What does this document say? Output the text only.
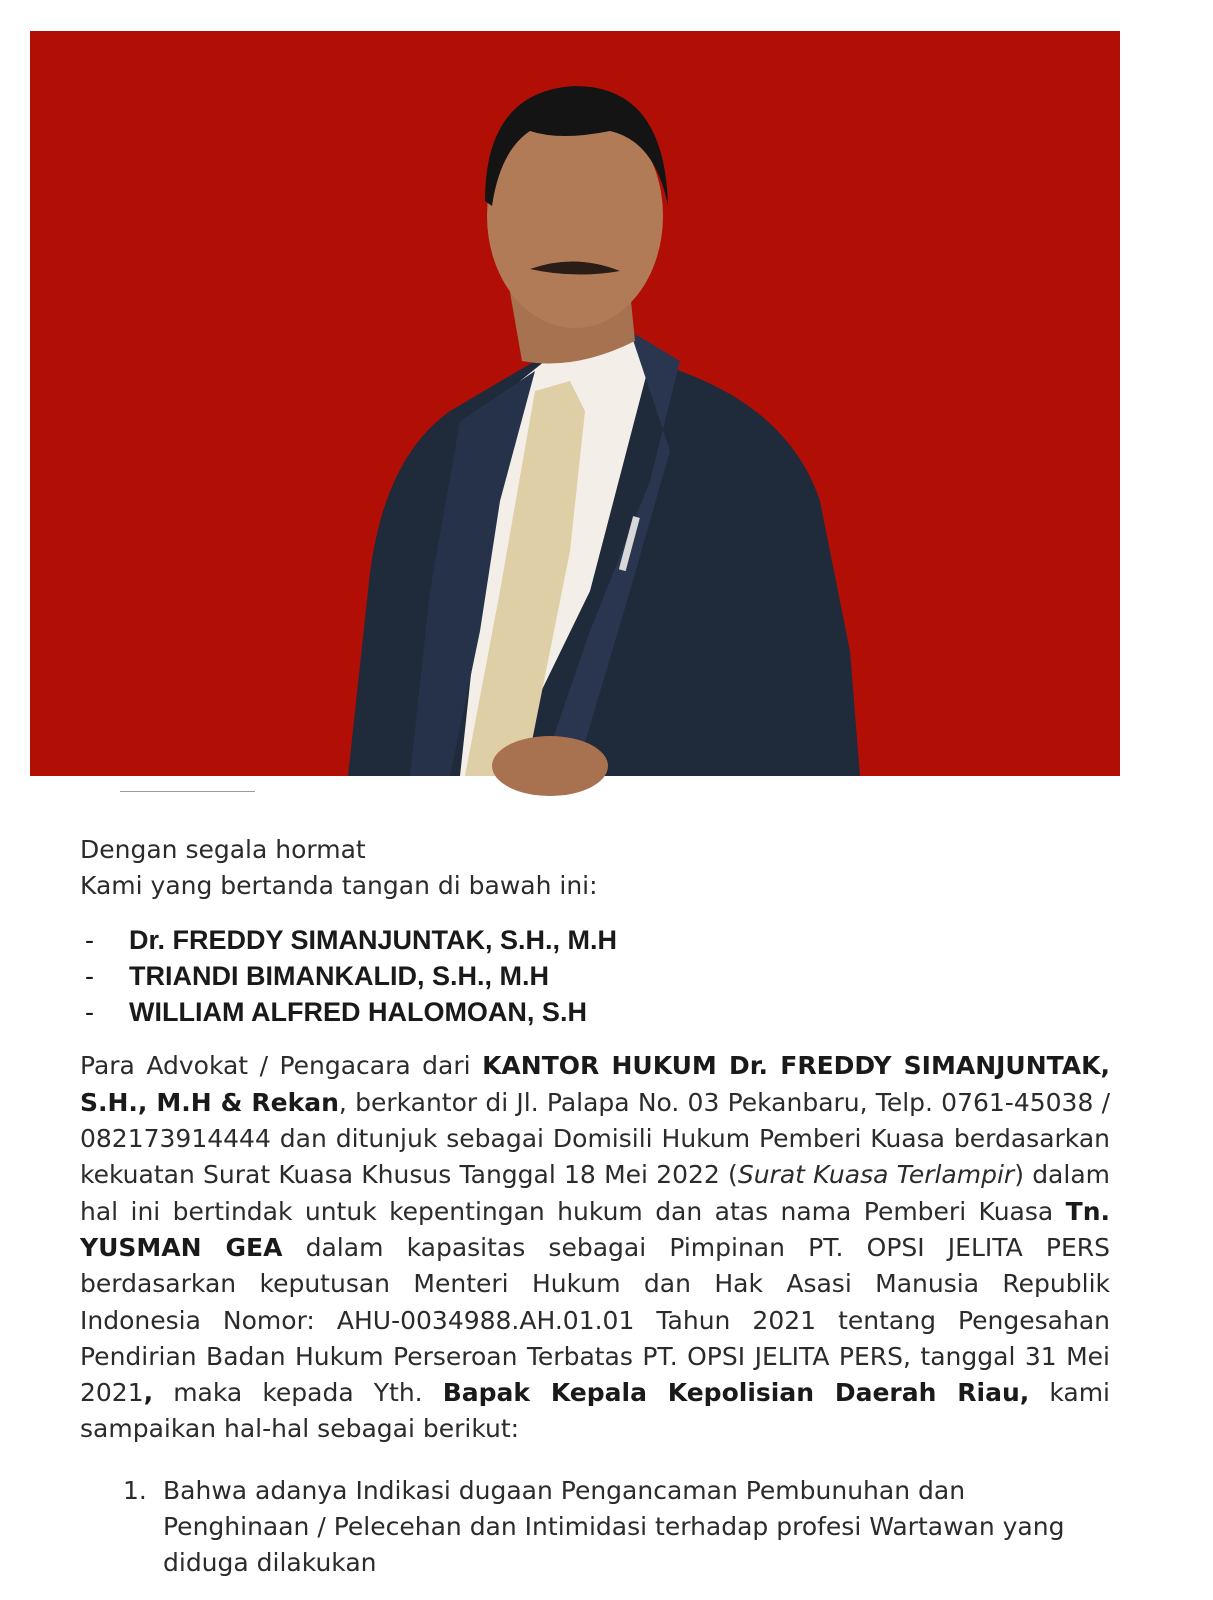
Dengan segala hormat

Kami yang bertanda tangan di bawah ini:

- Dr. FREDDY SIMANJUNTAK, S.H., M.H
- TRIANDI BIMANKALID, S.H., M.H
- WILLIAM ALFRED HALOMOAN, S.H

Para Advokat / Pengacara dari KANTOR HUKUM Dr. FREDDY SIMANJUNTAK, S.H., M.H & Rekan, berkantor di Jl. Palapa No. 03 Pekanbaru, Telp. 0761-45038 / 082173914444 dan ditunjuk sebagai Domisili Hukum Pemberi Kuasa berdasarkan kekuatan Surat Kuasa Khusus Tanggal 18 Mei 2022 (Surat Kuasa Terlampir) dalam hal ini bertindak untuk kepentingan hukum dan atas nama Pemberi Kuasa Tn. YUSMAN GEA dalam kapasitas sebagai Pimpinan PT. OPSI JELITA PERS berdasarkan keputusan Menteri Hukum dan Hak Asasi Manusia Republik Indonesia Nomor: AHU-0034988.AH.01.01 Tahun 2021 tentang Pengesahan Pendirian Badan Hukum Perseroan Terbatas PT. OPSI JELITA PERS, tanggal 31 Mei 2021, maka kepada Yth. Bapak Kepala Kepolisian Daerah Riau, kami sampaikan hal-hal sebagai berikut:

1. Bahwa adanya Indikasi dugaan Pengancaman Pembunuhan dan Penghinaan / Pelecehan dan Intimidasi terhadap profesi Wartawan yang diduga dilakukan
